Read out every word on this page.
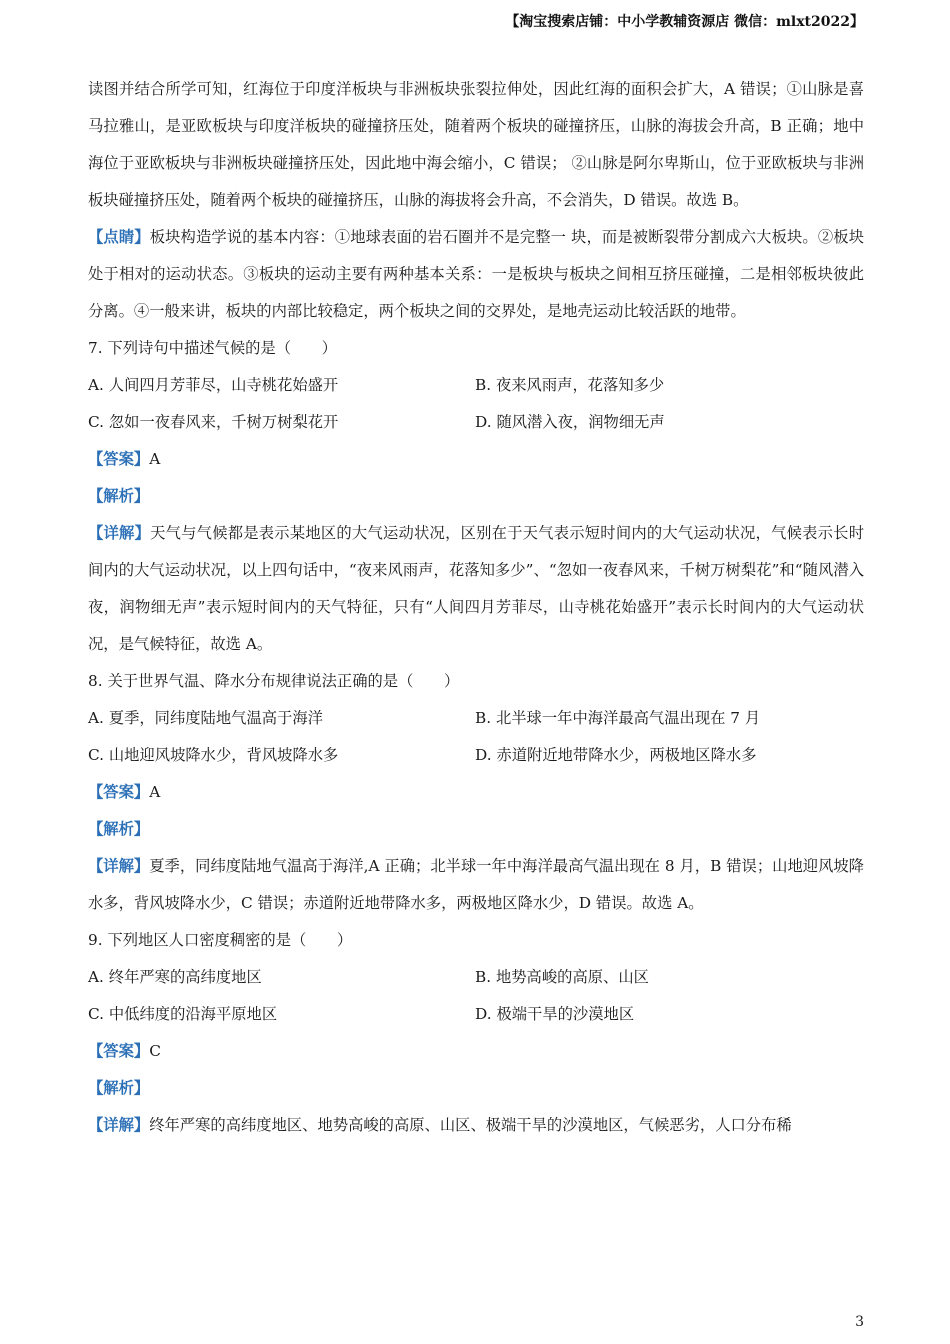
【淘宝搜索店铺：中小学教辅资源店 微信：mlxt2022】

读图并结合所学可知，红海位于印度洋板块与非洲板块张裂拉伸处，因此红海的面积会扩大，A 错误；①山脉是喜马拉雅山，是亚欧板块与印度洋板块的碰撞挤压处，随着两个板块的碰撞挤压，山脉的海拔会升高，B 正确；地中海位于亚欧板块与非洲板块碰撞挤压处，因此地中海会缩小，C 错误； ②山脉是阿尔卑斯山，位于亚欧板块与非洲板块碰撞挤压处，随着两个板块的碰撞挤压，山脉的海拔将会升高，不会消失，D 错误。故选 B。

【点睛】板块构造学说的基本内容：①地球表面的岩石圈并不是完整一 块，而是被断裂带分割成六大板块。②板块处于相对的运动状态。③板块的运动主要有两种基本关系：一是板块与板块之间相互挤压碰撞，二是相邻板块彼此分离。④一般来讲，板块的内部比较稳定，两个板块之间的交界处，是地壳运动比较活跃的地带。

7. 下列诗句中描述气候的是（　　）

A. 人间四月芳菲尽，山寺桃花始盛开	B. 夜来风雨声，花落知多少
C. 忽如一夜春风来，千树万树梨花开	D. 随风潜入夜，润物细无声

【答案】A

【解析】

【详解】天气与气候都是表示某地区的大气运动状况，区别在于天气表示短时间内的大气运动状况，气候表示长时间内的大气运动状况，以上四句话中，“夜来风雨声，花落知多少”、“忽如一夜春风来，千树万树梨花”和“随风潜入夜，润物细无声”表示短时间内的天气特征，只有“人间四月芳菲尽，山寺桃花始盛开”表示长时间内的大气运动状况，是气候特征，故选 A。

8. 关于世界气温、降水分布规律说法正确的是（　　）

A. 夏季，同纬度陆地气温高于海洋	B. 北半球一年中海洋最高气温出现在 7 月
C. 山地迎风坡降水少，背风坡降水多	D. 赤道附近地带降水少，两极地区降水多

【答案】A

【解析】

【详解】夏季，同纬度陆地气温高于海洋,A 正确；北半球一年中海洋最高气温出现在 8 月，B 错误；山地迎风坡降水多，背风坡降水少，C 错误；赤道附近地带降水多，两极地区降水少，D 错误。故选 A。

9. 下列地区人口密度稠密的是（　　）

A. 终年严寒的高纬度地区	B. 地势高峻的高原、山区
C. 中低纬度的沿海平原地区	D. 极端干旱的沙漠地区

【答案】C

【解析】

【详解】终年严寒的高纬度地区、地势高峻的高原、山区、极端干旱的沙漠地区，气候恶劣，人口分布稀

3
